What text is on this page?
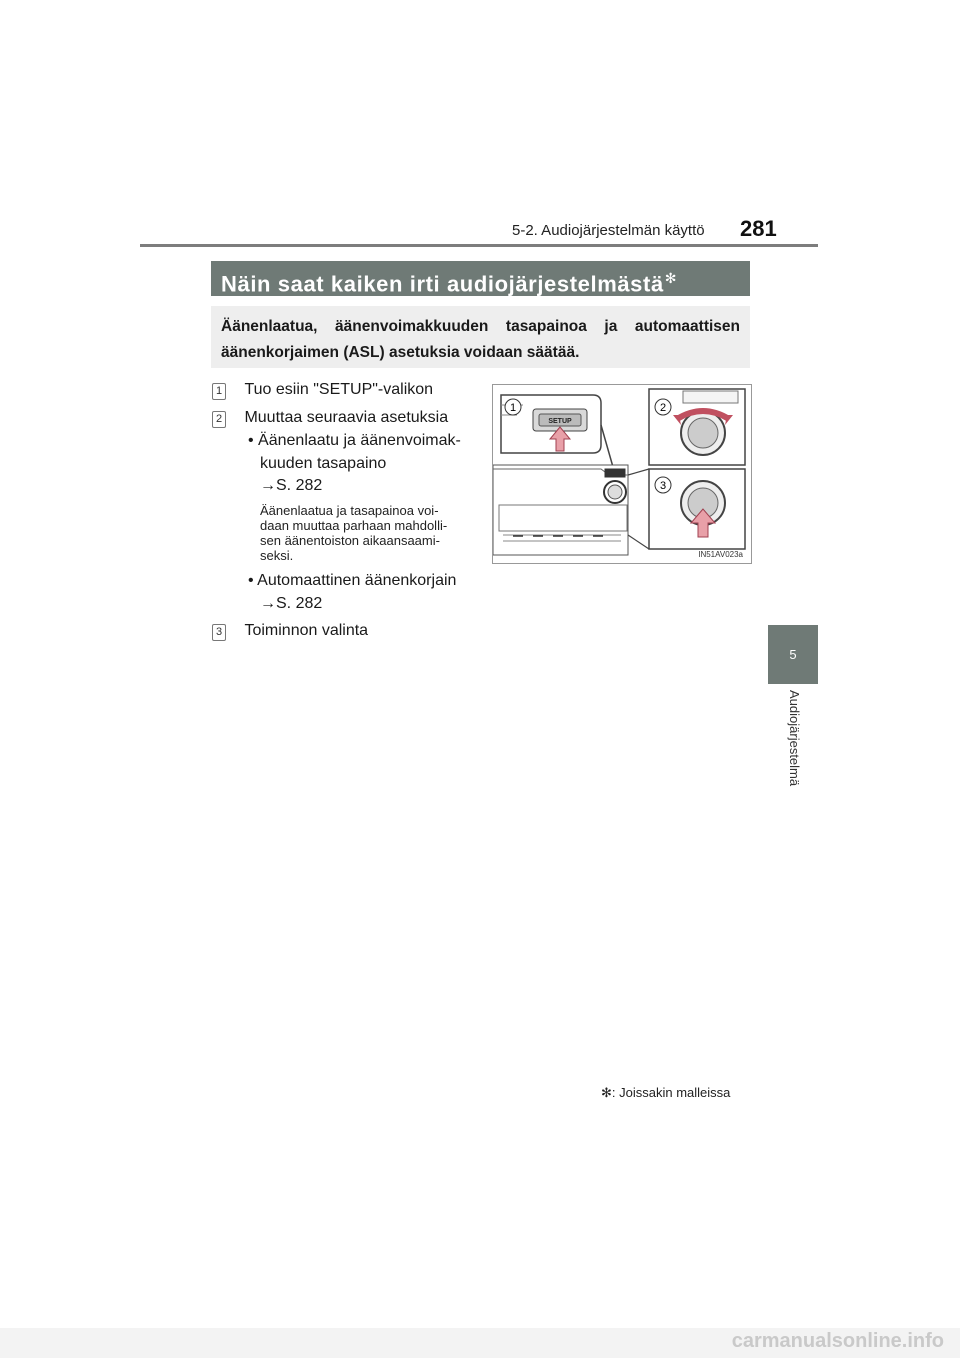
5-2. Audiojärjestelmän käyttö 281
Näin saat kaiken irti audiojärjestelmästä✻
Äänenlaatua, äänenvoimakkuuden tasapainoa ja automaattisen äänenkorjaimen (ASL) asetuksia voidaan säätää.
1 Tuo esiin "SETUP"-valikon
2 Muuttaa seuraavia asetuksia
• Äänenlaatu ja äänenvoimak-
kuuden tasapaino
→S. 282
Äänenlaatua ja tasapainoa voi-
daan muuttaa parhaan mahdolli-
sen äänentoiston aikaansaami-
seksi.
• Automaattinen äänenkorjain
→S. 282
3 Toiminnon valinta
SETUP
1	2
3
IN51AV023a
5
Audiojärjestelmä
✻: Joissakin malleissa
carmanualsonline.info
